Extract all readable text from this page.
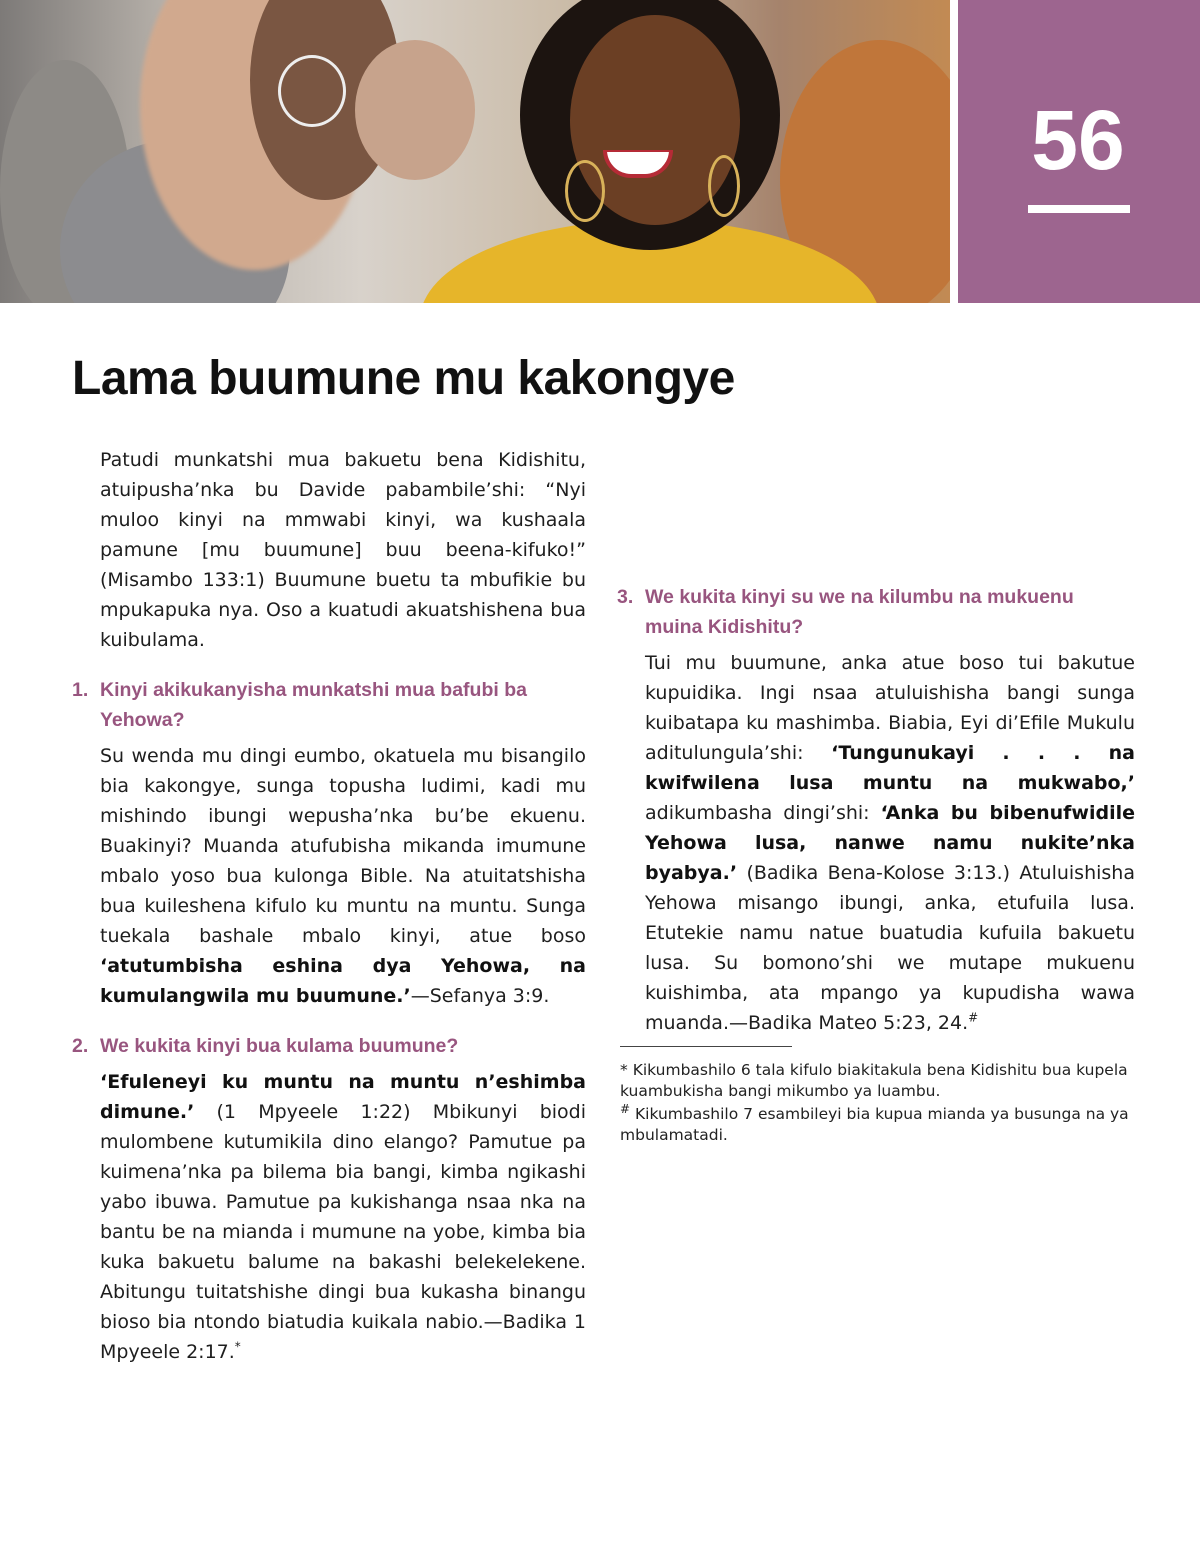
56
Lama buumune mu kakongye

Patudi munkatshi mua bakuetu bena Kidishitu, atuipusha’nka bu Davide pabambile’shi: “Nyi muloo kinyi na mmwabi kinyi, wa kushaala pamune [mu buumune] buu beena-kifuko!” (Misambo 133:1) Buumune buetu ta mbufikie bu mpukapuka nya. Oso a kuatudi akuatshishena bua kuibulama.

1. Kinyi akikukanyisha munkatshi mua bafubi ba Yehowa?

Su wenda mu dingi eumbo, okatuela mu bisangilo bia kakongye, sunga topusha ludimi, kadi mu mishindo ibungi wepusha’nka bu’be ekuenu. Buakinyi? Muanda atufubisha mikanda imumune mbalo yoso bua kulonga Bible. Na atuitatshisha bua kuileshena kifulo ku muntu na muntu. Sunga tuekala bashale mbalo kinyi, atue boso ‘atutumbisha eshina dya Yehowa, na kumulangwila mu buumune.’—Sefanya 3:9.

2. We kukita kinyi bua kulama buumune?

‘Efuleneyi ku muntu na muntu n’eshimba dimune.’ (1 Mpyeele 1:22) Mbikunyi biodi mulombene kutumikila dino elango? Pamutue pa kuimena’nka pa bilema bia bangi, kimba ngikashi yabo ibuwa. Pamutue pa kukishanga nsaa nka na bantu be na mianda i mumune na yobe, kimba bia kuka bakuetu balume na bakashi belekelekene. Abitungu tuitatshishe dingi bua kukasha binangu bioso bia ntondo biatudia kuikala nabio.—Badika 1 Mpyeele 2:17.*

3. We kukita kinyi su we na kilumbu na mukuenu muina Kidishitu?

Tui mu buumune, anka atue boso tui bakutue kupuidika. Ingi nsaa atuluishisha bangi sunga kuibatapa ku mashimba. Biabia, Eyi di’Efile Mukulu aditulungula’shi: ‘Tungunukayi . . . na kwifwilena lusa muntu na mukwabo,’ adikumbasha dingi’shi: ‘Anka bu bibenufwidile Yehowa lusa, nanwe namu nukite’nka byabya.’ (Badika Bena-Kolose 3:13.) Atuluishisha Yehowa misango ibungi, anka, etufuila lusa. Etutekie namu natue buatudia kufuila bakuetu lusa. Su bomono’shi we mutape mukuenu kuishimba, ata mpango ya kupudisha wawa muanda.—Badika Mateo 5:23, 24.#

* Kikumbashilo 6 tala kifulo biakitakula bena Kidishitu bua kupela kuambukisha bangi mikumbo ya luambu.

# Kikumbashilo 7 esambileyi bia kupua mianda ya busunga na ya mbulamatadi.
